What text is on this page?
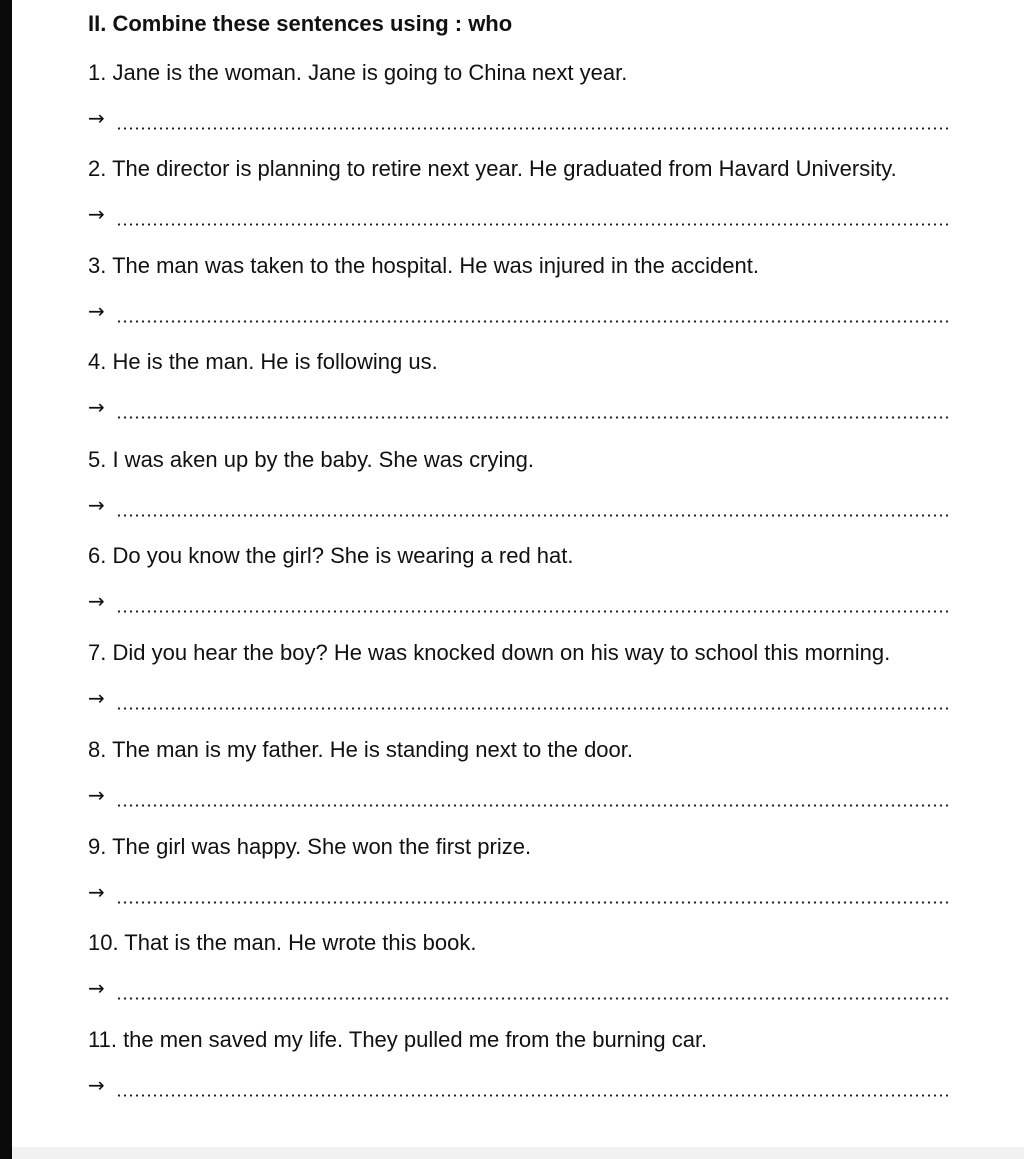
II. Combine these sentences using : who
1. Jane is the woman. Jane is going to China next year.
→
2. The director is planning to retire next year. He graduated from Havard University.
→
3. The man was taken to the hospital. He was injured in the accident.
→
4. He is the man. He is following us.
→
5. I was aken up by the baby. She was crying.
→
6. Do you know the girl? She is wearing a red hat.
→
7. Did you hear the boy? He was knocked down on his way to school this morning.
→
8. The man is my father. He is standing next to the door.
→
9. The girl was happy. She won the first prize.
→
10. That is the man. He wrote this book.
→
11. the men saved my life. They pulled me from the burning car.
→
